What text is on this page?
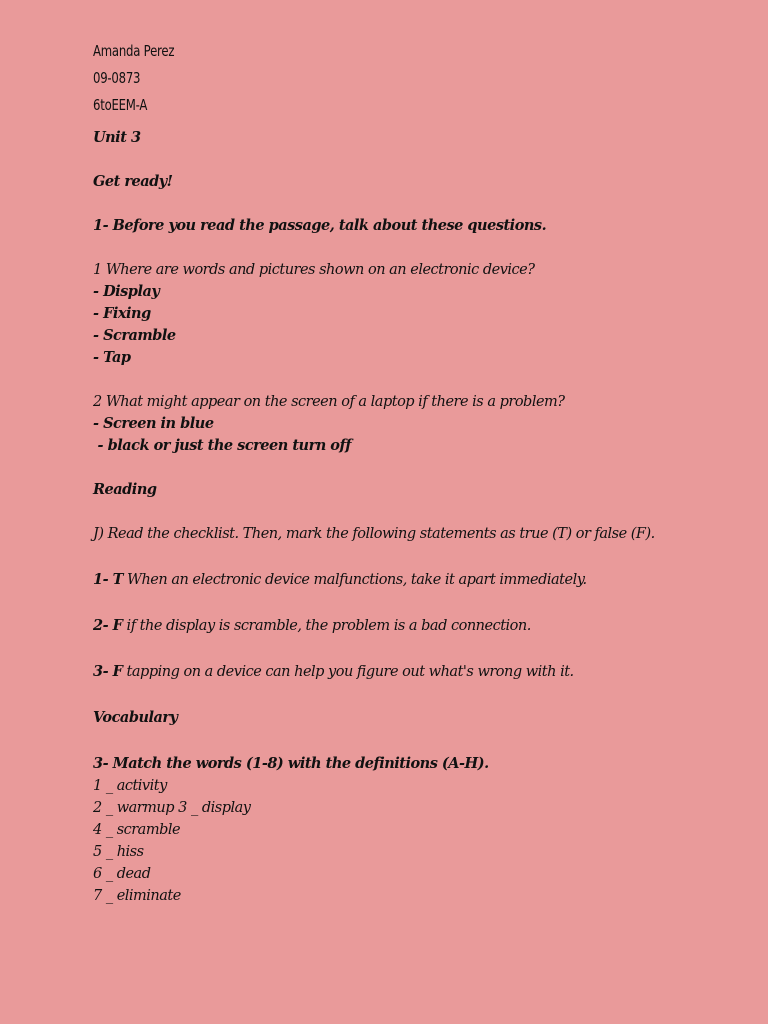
Amanda Perez
09-0873
6toEEM-A
Unit 3
Get ready!
1- Before you read the passage, talk about these questions.
1 Where are words and pictures shown on an electronic device?
- Display
- Fixing
- Scramble
- Tap
2 What might appear on the screen of a laptop if there is a problem?
- Screen in blue
- black or just the screen turn off
Reading
J) Read the checklist. Then, mark the following statements as true (T) or false (F).
1- T When an electronic device malfunctions, take it apart immediately.
2- F if the display is scramble, the problem is a bad connection.
3- F tapping on a device can help you figure out what's wrong with it.
Vocabulary
3- Match the words (1-8) with the definitions (A-H).
1 _ activity
2 _ warmup 3 _ display
4 _ scramble
5 _ hiss
6 _ dead
7 _ eliminate
